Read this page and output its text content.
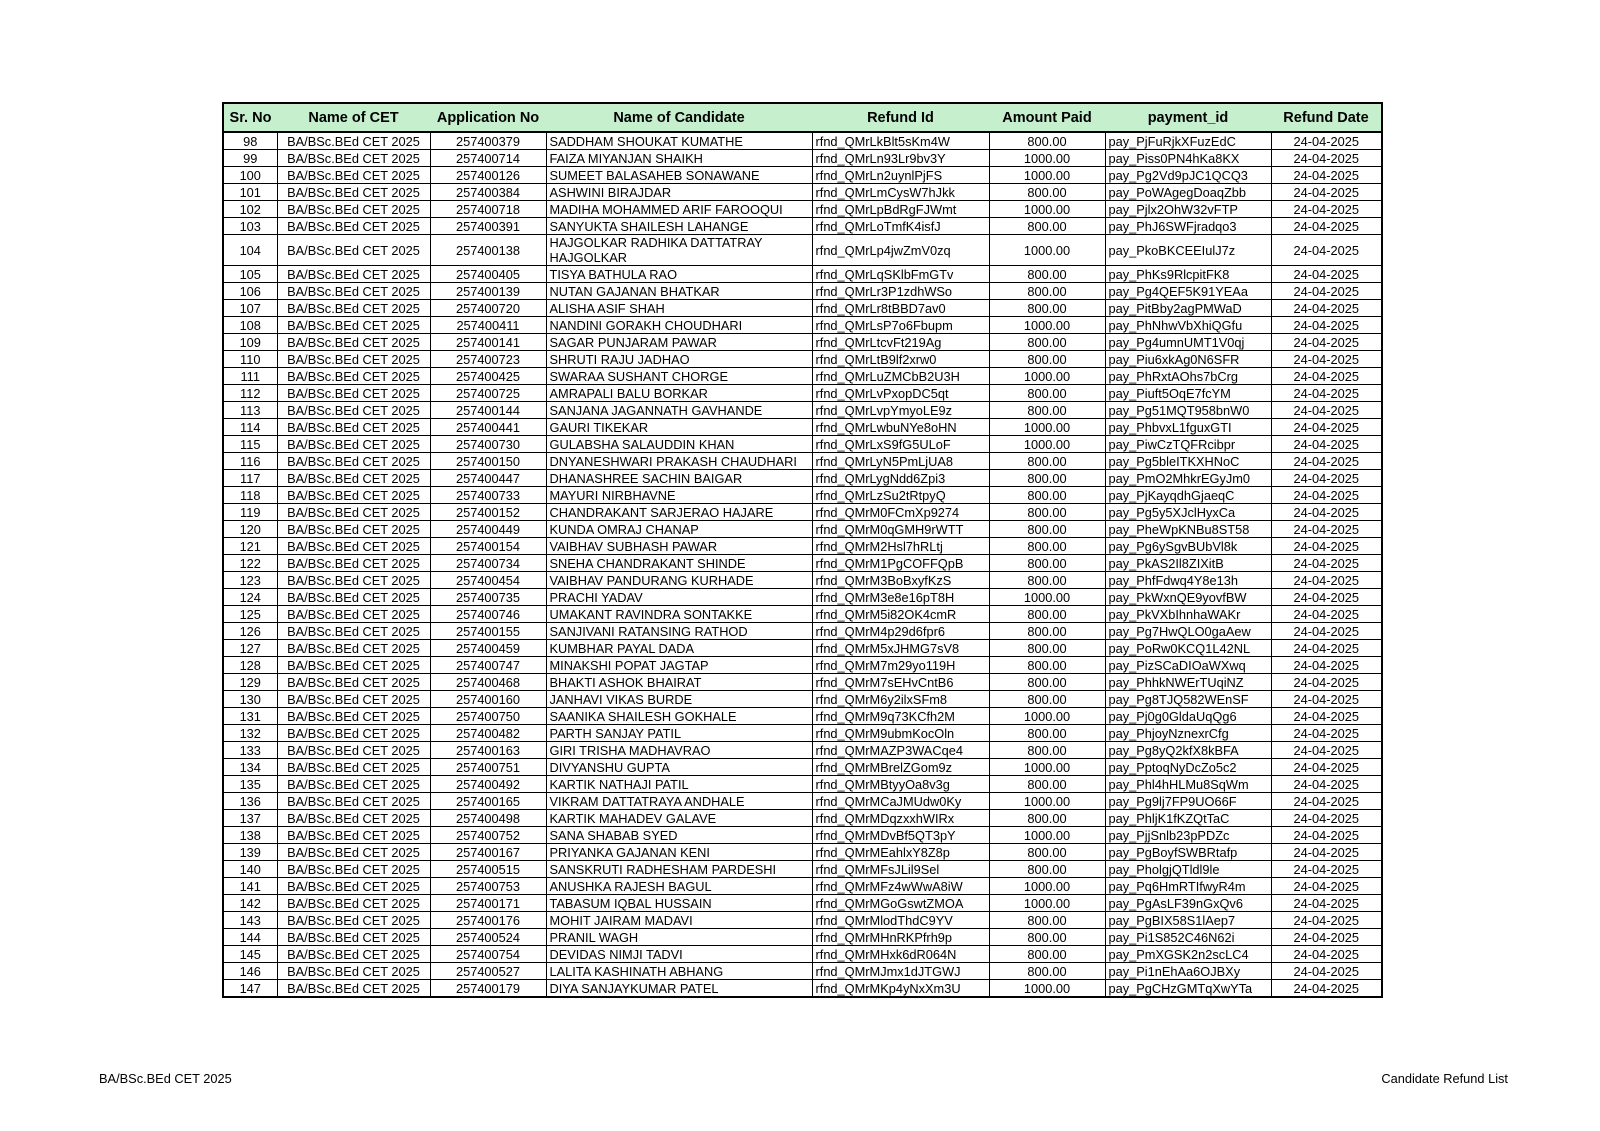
Sr. No	Name of CET	Application No	Name of Candidate	Refund Id	Amount Paid	payment_id	Refund Date
98	BA/BSc.BEd CET 2025	257400379	SADDHAM SHOUKAT KUMATHE	rfnd_QMrLkBlt5sKm4W	800.00	pay_PjFuRjkXFuzEdC	24-04-2025
99	BA/BSc.BEd CET 2025	257400714	FAIZA MIYANJAN SHAIKH	rfnd_QMrLn93Lr9bv3Y	1000.00	pay_Piss0PN4hKa8KX	24-04-2025
100	BA/BSc.BEd CET 2025	257400126	SUMEET BALASAHEB SONAWANE	rfnd_QMrLn2uynlPjFS	1000.00	pay_Pg2Vd9pJC1QCQ3	24-04-2025
101	BA/BSc.BEd CET 2025	257400384	ASHWINI BIRAJDAR	rfnd_QMrLmCysW7hJkk	800.00	pay_PoWAgegDoaqZbb	24-04-2025
102	BA/BSc.BEd CET 2025	257400718	MADIHA MOHAMMED ARIF FAROOQUI	rfnd_QMrLpBdRgFJWmt	1000.00	pay_Pjlx2OhW32vFTP	24-04-2025
103	BA/BSc.BEd CET 2025	257400391	SANYUKTA SHAILESH LAHANGE	rfnd_QMrLoTmfK4isfJ	800.00	pay_PhJ6SWFjradqo3	24-04-2025
104	BA/BSc.BEd CET 2025	257400138	HAJGOLKAR RADHIKA DATTATRAY HAJGOLKAR	rfnd_QMrLp4jwZmV0zq	1000.00	pay_PkoBKCEEIulJ7z	24-04-2025
105	BA/BSc.BEd CET 2025	257400405	TISYA BATHULA RAO	rfnd_QMrLqSKlbFmGTv	800.00	pay_PhKs9RlcpitFK8	24-04-2025
106	BA/BSc.BEd CET 2025	257400139	NUTAN GAJANAN BHATKAR	rfnd_QMrLr3P1zdhWSo	800.00	pay_Pg4QEF5K91YEAa	24-04-2025
107	BA/BSc.BEd CET 2025	257400720	ALISHA ASIF SHAH	rfnd_QMrLr8tBBD7av0	800.00	pay_PitBby2agPMWaD	24-04-2025
108	BA/BSc.BEd CET 2025	257400411	NANDINI GORAKH CHOUDHARI	rfnd_QMrLsP7o6Fbupm	1000.00	pay_PhNhwVbXhiQGfu	24-04-2025
109	BA/BSc.BEd CET 2025	257400141	SAGAR PUNJARAM PAWAR	rfnd_QMrLtcvFt219Ag	800.00	pay_Pg4umnUMT1V0qj	24-04-2025
110	BA/BSc.BEd CET 2025	257400723	SHRUTI RAJU JADHAO	rfnd_QMrLtB9lf2xrw0	800.00	pay_Piu6xkAg0N6SFR	24-04-2025
111	BA/BSc.BEd CET 2025	257400425	SWARAA SUSHANT CHORGE	rfnd_QMrLuZMCbB2U3H	1000.00	pay_PhRxtAOhs7bCrg	24-04-2025
112	BA/BSc.BEd CET 2025	257400725	AMRAPALI BALU BORKAR	rfnd_QMrLvPxopDC5qt	800.00	pay_Piuft5OqE7fcYM	24-04-2025
113	BA/BSc.BEd CET 2025	257400144	SANJANA JAGANNATH GAVHANDE	rfnd_QMrLvpYmyoLE9z	800.00	pay_Pg51MQT958bnW0	24-04-2025
114	BA/BSc.BEd CET 2025	257400441	GAURI TIKEKAR	rfnd_QMrLwbuNYe8oHN	1000.00	pay_PhbvxL1fguxGTI	24-04-2025
115	BA/BSc.BEd CET 2025	257400730	GULABSHA SALAUDDIN KHAN	rfnd_QMrLxS9fG5ULoF	1000.00	pay_PiwCzTQFRcibpr	24-04-2025
116	BA/BSc.BEd CET 2025	257400150	DNYANESHWARI PRAKASH CHAUDHARI	rfnd_QMrLyN5PmLjUA8	800.00	pay_Pg5bleITKXHNoC	24-04-2025
117	BA/BSc.BEd CET 2025	257400447	DHANASHREE SACHIN BAIGAR	rfnd_QMrLygNdd6Zpi3	800.00	pay_PmO2MhkrEGyJm0	24-04-2025
118	BA/BSc.BEd CET 2025	257400733	MAYURI NIRBHAVNE	rfnd_QMrLzSu2tRtpyQ	800.00	pay_PjKayqdhGjaeqC	24-04-2025
119	BA/BSc.BEd CET 2025	257400152	CHANDRAKANT SARJERAO HAJARE	rfnd_QMrM0FCmXp9274	800.00	pay_Pg5y5XJclHyxCa	24-04-2025
120	BA/BSc.BEd CET 2025	257400449	KUNDA OMRAJ CHANAP	rfnd_QMrM0qGMH9rWTT	800.00	pay_PheWpKNBu8ST58	24-04-2025
121	BA/BSc.BEd CET 2025	257400154	VAIBHAV SUBHASH PAWAR	rfnd_QMrM2Hsl7hRLtj	800.00	pay_Pg6ySgvBUbVl8k	24-04-2025
122	BA/BSc.BEd CET 2025	257400734	SNEHA CHANDRAKANT SHINDE	rfnd_QMrM1PgCOFFQpB	800.00	pay_PkAS2Il8ZIXitB	24-04-2025
123	BA/BSc.BEd CET 2025	257400454	VAIBHAV PANDURANG KURHADE	rfnd_QMrM3BoBxyfKzS	800.00	pay_PhfFdwq4Y8e13h	24-04-2025
124	BA/BSc.BEd CET 2025	257400735	PRACHI YADAV	rfnd_QMrM3e8e16pT8H	1000.00	pay_PkWxnQE9yovfBW	24-04-2025
125	BA/BSc.BEd CET 2025	257400746	UMAKANT RAVINDRA SONTAKKE	rfnd_QMrM5i82OK4cmR	800.00	pay_PkVXbIhnhaWAKr	24-04-2025
126	BA/BSc.BEd CET 2025	257400155	SANJIVANI RATANSING RATHOD	rfnd_QMrM4p29d6fpr6	800.00	pay_Pg7HwQLO0gaAew	24-04-2025
127	BA/BSc.BEd CET 2025	257400459	KUMBHAR PAYAL DADA	rfnd_QMrM5xJHMG7sV8	800.00	pay_PoRw0KCQ1L42NL	24-04-2025
128	BA/BSc.BEd CET 2025	257400747	MINAKSHI POPAT JAGTAP	rfnd_QMrM7m29yo119H	800.00	pay_PizSCaDIOaWXwq	24-04-2025
129	BA/BSc.BEd CET 2025	257400468	BHAKTI ASHOK BHAIRAT	rfnd_QMrM7sEHvCntB6	800.00	pay_PhhkNWErTUqiNZ	24-04-2025
130	BA/BSc.BEd CET 2025	257400160	JANHAVI VIKAS BURDE	rfnd_QMrM6y2ilxSFm8	800.00	pay_Pg8TJQ582WEnSF	24-04-2025
131	BA/BSc.BEd CET 2025	257400750	SAANIKA SHAILESH GOKHALE	rfnd_QMrM9q73KCfh2M	1000.00	pay_Pj0g0GldaUqQg6	24-04-2025
132	BA/BSc.BEd CET 2025	257400482	PARTH SANJAY PATIL	rfnd_QMrM9ubmKocOln	800.00	pay_PhjoyNznexrCfg	24-04-2025
133	BA/BSc.BEd CET 2025	257400163	GIRI TRISHA MADHAVRAO	rfnd_QMrMAZP3WACqe4	800.00	pay_Pg8yQ2kfX8kBFA	24-04-2025
134	BA/BSc.BEd CET 2025	257400751	DIVYANSHU GUPTA	rfnd_QMrMBrelZGom9z	1000.00	pay_PptoqNyDcZo5c2	24-04-2025
135	BA/BSc.BEd CET 2025	257400492	KARTIK NATHAJI PATIL	rfnd_QMrMBtyyOa8v3g	800.00	pay_Phl4hHLMu8SqWm	24-04-2025
136	BA/BSc.BEd CET 2025	257400165	VIKRAM DATTATRAYA ANDHALE	rfnd_QMrMCaJMUdw0Ky	1000.00	pay_Pg9lj7FP9UO66F	24-04-2025
137	BA/BSc.BEd CET 2025	257400498	KARTIK MAHADEV GALAVE	rfnd_QMrMDqzxxhWIRx	800.00	pay_PhljK1fKZQtTaC	24-04-2025
138	BA/BSc.BEd CET 2025	257400752	SANA SHABAB SYED	rfnd_QMrMDvBf5QT3pY	1000.00	pay_PjjSnlb23pPDZc	24-04-2025
139	BA/BSc.BEd CET 2025	257400167	PRIYANKA GAJANAN KENI	rfnd_QMrMEahlxY8Z8p	800.00	pay_PgBoyfSWBRtafp	24-04-2025
140	BA/BSc.BEd CET 2025	257400515	SANSKRUTI RADHESHAM PARDESHI	rfnd_QMrMFsJLil9Sel	800.00	pay_PholgjQTldl9le	24-04-2025
141	BA/BSc.BEd CET 2025	257400753	ANUSHKA RAJESH BAGUL	rfnd_QMrMFz4wWwA8iW	1000.00	pay_Pq6HmRTIfwyR4m	24-04-2025
142	BA/BSc.BEd CET 2025	257400171	TABASUM IQBAL HUSSAIN	rfnd_QMrMGoGswtZMOA	1000.00	pay_PgAsLF39nGxQv6	24-04-2025
143	BA/BSc.BEd CET 2025	257400176	MOHIT JAIRAM MADAVI	rfnd_QMrMlodThdC9YV	800.00	pay_PgBIX58S1lAep7	24-04-2025
144	BA/BSc.BEd CET 2025	257400524	PRANIL WAGH	rfnd_QMrMHnRKPfrh9p	800.00	pay_Pi1S852C46N62i	24-04-2025
145	BA/BSc.BEd CET 2025	257400754	DEVIDAS NIMJI TADVI	rfnd_QMrMHxk6dR064N	800.00	pay_PmXGSK2n2scLC4	24-04-2025
146	BA/BSc.BEd CET 2025	257400527	LALITA KASHINATH ABHANG	rfnd_QMrMJmx1dJTGWJ	800.00	pay_Pi1nEhAa6OJBXy	24-04-2025
147	BA/BSc.BEd CET 2025	257400179	DIYA SANJAYKUMAR PATEL	rfnd_QMrMKp4yNxXm3U	1000.00	pay_PgCHzGMTqXwYTa	24-04-2025
BA/BSc.BEd CET 2025	Candidate Refund List
